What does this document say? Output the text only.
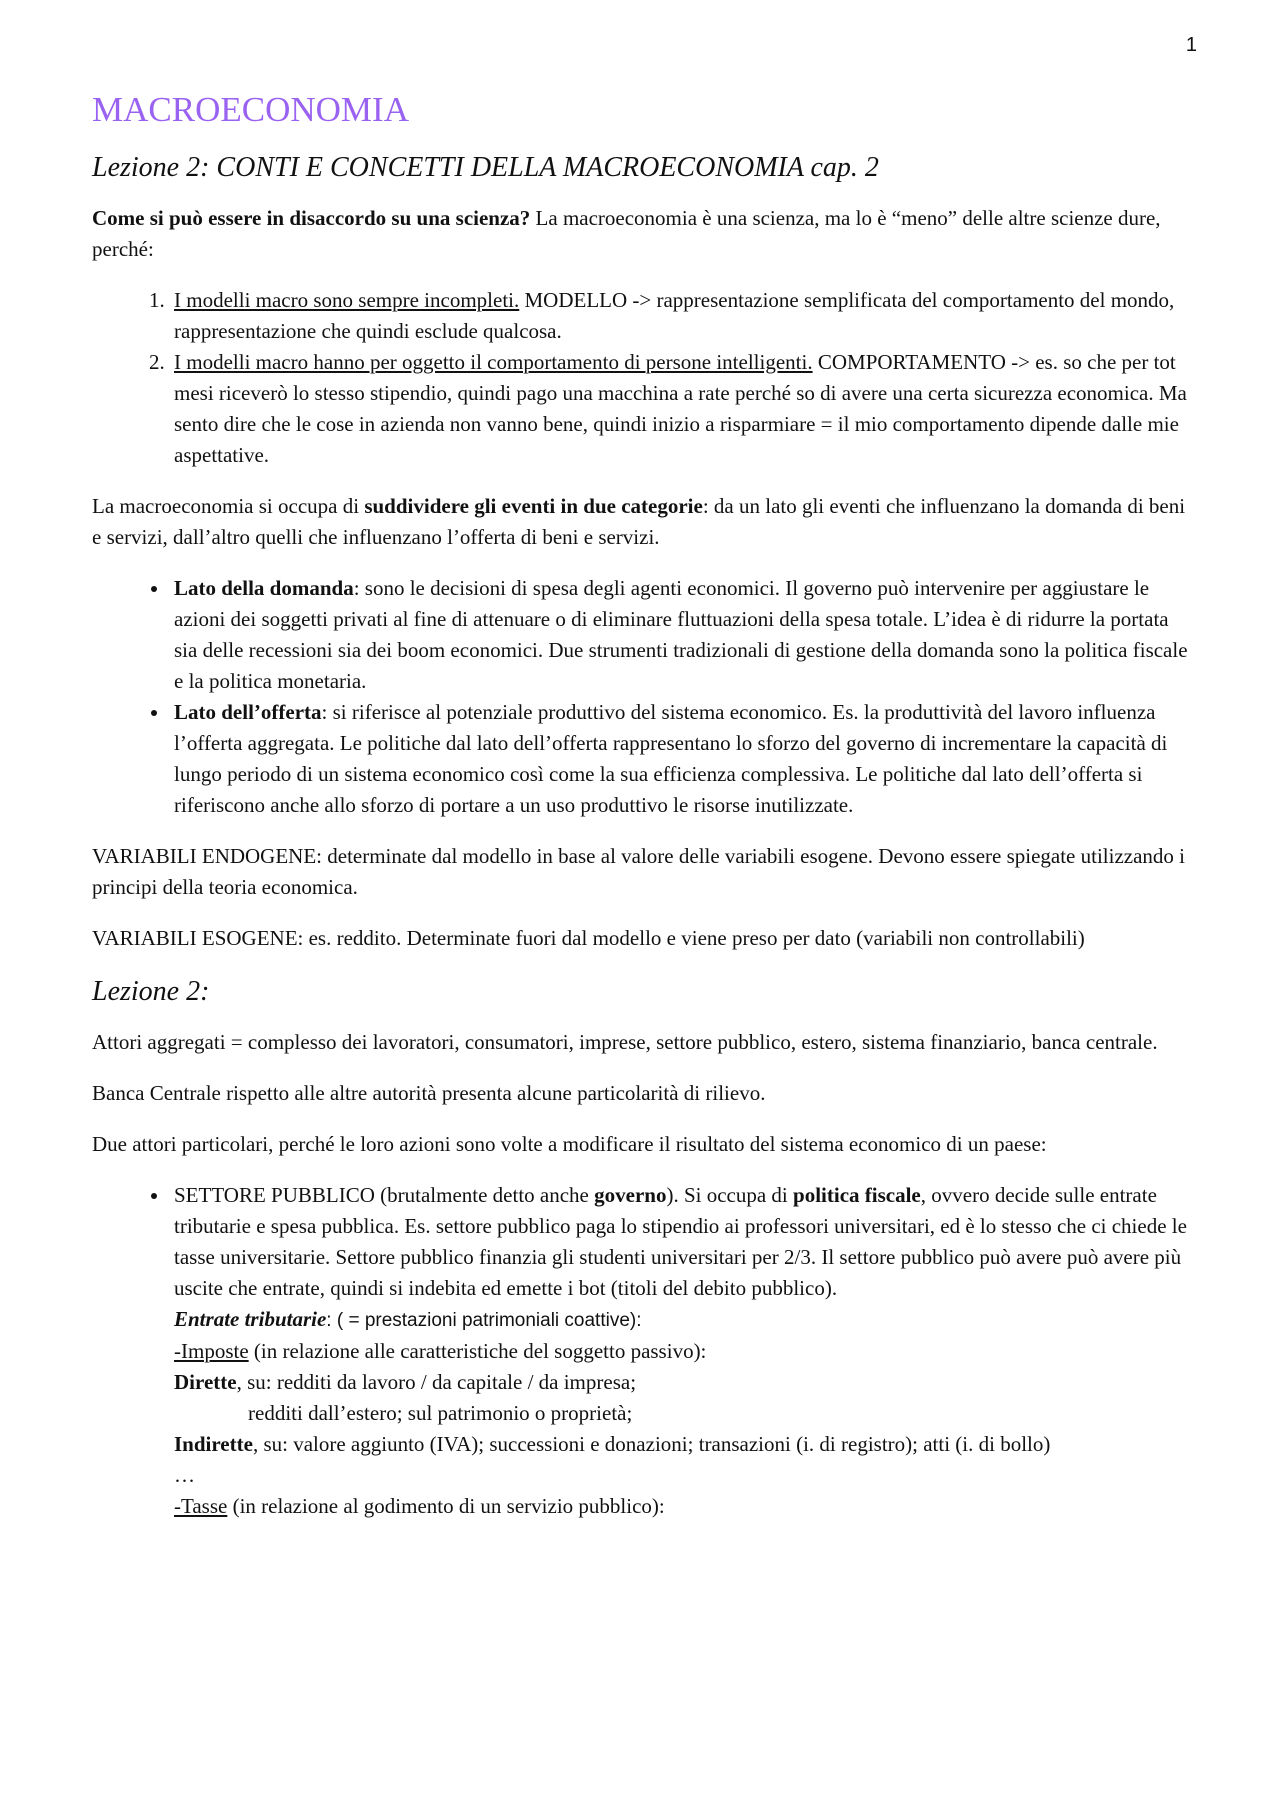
1
MACROECONOMIA
Lezione 2: CONTI E CONCETTI DELLA MACROECONOMIA cap. 2

Come si può essere in disaccordo su una scienza? La macroeconomia è una scienza, ma lo è “meno” delle altre scienze dure, perché:

1. I modelli macro sono sempre incompleti. MODELLO -> rappresentazione semplificata del comportamento del mondo, rappresentazione che quindi esclude qualcosa.
2. I modelli macro hanno per oggetto il comportamento di persone intelligenti. COMPORTAMENTO -> es. so che per tot mesi riceverò lo stesso stipendio, quindi pago una macchina a rate perché so di avere una certa sicurezza economica. Ma sento dire che le cose in azienda non vanno bene, quindi inizio a risparmiare = il mio comportamento dipende dalle mie aspettative.

La macroeconomia si occupa di suddividere gli eventi in due categorie: da un lato gli eventi che influenzano la domanda di beni e servizi, dall’altro quelli che influenzano l’offerta di beni e servizi.

• Lato della domanda: sono le decisioni di spesa degli agenti economici. Il governo può intervenire per aggiustare le azioni dei soggetti privati al fine di attenuare o di eliminare fluttuazioni della spesa totale. L’idea è di ridurre la portata sia delle recessioni sia dei boom economici. Due strumenti tradizionali di gestione della domanda sono la politica fiscale e la politica monetaria.
• Lato dell’offerta: si riferisce al potenziale produttivo del sistema economico. Es. la produttività del lavoro influenza l’offerta aggregata. Le politiche dal lato dell’offerta rappresentano lo sforzo del governo di incrementare la capacità di lungo periodo di un sistema economico così come la sua efficienza complessiva. Le politiche dal lato dell’offerta si riferiscono anche allo sforzo di portare a un uso produttivo le risorse inutilizzate.

VARIABILI ENDOGENE: determinate dal modello in base al valore delle variabili esogene. Devono essere spiegate utilizzando i principi della teoria economica.

VARIABILI ESOGENE: es. reddito. Determinate fuori dal modello e viene preso per dato (variabili non controllabili)

Lezione 2:

Attori aggregati = complesso dei lavoratori, consumatori, imprese, settore pubblico, estero, sistema finanziario, banca centrale.

Banca Centrale rispetto alle altre autorità presenta alcune particolarità di rilievo.

Due attori particolari, perché le loro azioni sono volte a modificare il risultato del sistema economico di un paese:

• SETTORE PUBBLICO (brutalmente detto anche governo). Si occupa di politica fiscale, ovvero decide sulle entrate tributarie e spesa pubblica. Es. settore pubblico paga lo stipendio ai professori universitari, ed è lo stesso che ci chiede le tasse universitarie. Settore pubblico finanzia gli studenti universitari per 2/3. Il settore pubblico può avere può avere più uscite che entrate, quindi si indebita ed emette i bot (titoli del debito pubblico).
Entrate tributarie: ( = prestazioni patrimoniali coattive):
-Imposte (in relazione alle caratteristiche del soggetto passivo):
Dirette, su: redditi da lavoro / da capitale / da impresa;
redditi dall’estero; sul patrimonio o proprietà;
Indirette, su: valore aggiunto (IVA); successioni e donazioni; transazioni (i. di registro); atti (i. di bollo)
…
-Tasse (in relazione al godimento di un servizio pubblico):
